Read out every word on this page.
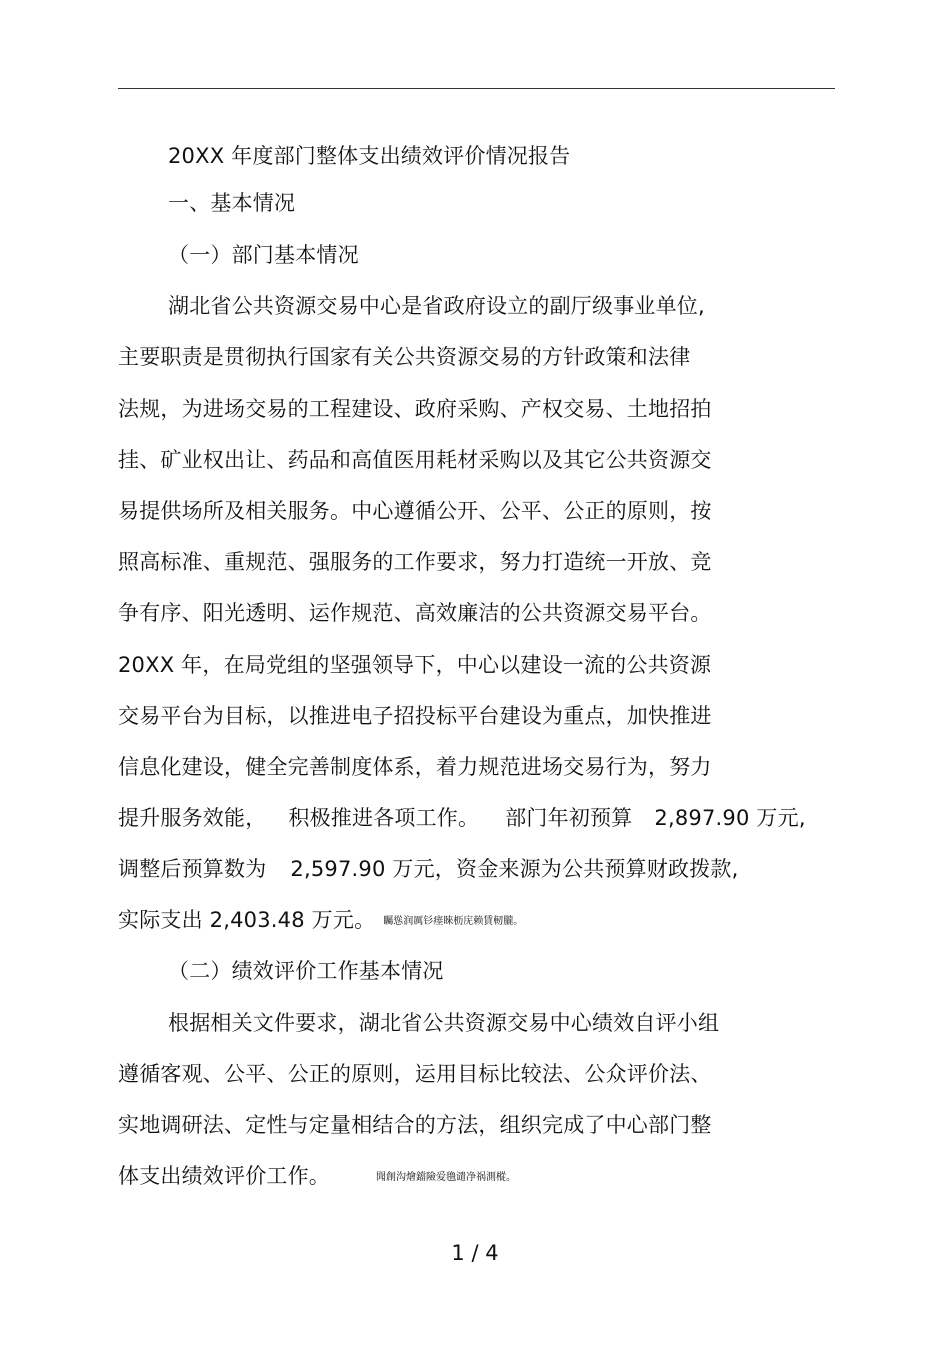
20XX 年度部门整体支出绩效评价情况报告
一、基本情况
（一）部门基本情况
湖北省公共资源交易中心是省政府设立的副厅级事业单位,
主要职责是贯彻执行国家有关公共资源交易的方针政策和法律
法规，为进场交易的工程建设、政府采购、产权交易、土地招拍
挂、矿业权出让、药品和高值医用耗材采购以及其它公共资源交
易提供场所及相关服务。中心遵循公开、公平、公正的原则，按
照高标准、重规范、强服务的工作要求，努力打造统一开放、竞
争有序、阳光透明、运作规范、高效廉洁的公共资源交易平台。
20XX 年，在局党组的坚强领导下，中心以建设一流的公共资源
交易平台为目标，以推进电子招投标平台建设为重点，加快推进
信息化建设，健全完善制度体系，着力规范进场交易行为，努力
提升服务效能， 积极推进各项工作。 部门年初预算 2,897.90 万元,
调整后预算数为 2,597.90 万元，资金来源为公共预算财政拨款,
实际支出 2,403.48 万元。 矚慫润厲钐瘗睞枥庑赖賃軔朧。
（二）绩效评价工作基本情况
根据相关文件要求，湖北省公共资源交易中心绩效自评小组
遵循客观、公平、公正的原则，运用目标比较法、公众评价法、
实地调研法、定性与定量相结合的方法，组织完成了中心部门整
体支出绩效评价工作。	聞創沟燴鐺險爱氇谴净祸測樅。
1 / 4
